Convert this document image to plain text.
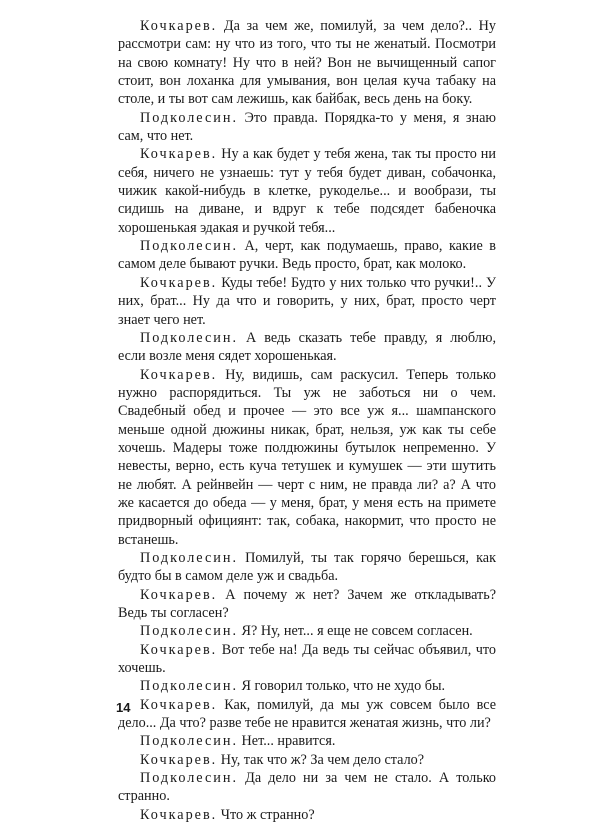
Кочкарев. Да за чем же, помилуй, за чем дело?.. Ну рассмотри сам: ну что из того, что ты не женатый. Посмотри на свою комнату! Ну что в ней? Вон не вычищенный сапог стоит, вон лоханка для умывания, вон целая куча табаку на столе, и ты вот сам лежишь, как байбак, весь день на боку.

Подколесин. Это правда. Порядка-то у меня, я знаю сам, что нет.

Кочкарев. Ну а как будет у тебя жена, так ты просто ни себя, ничего не узнаешь: тут у тебя будет диван, собачонка, чижик какой-нибудь в клетке, рукоделье... и вообрази, ты сидишь на диване, и вдруг к тебе подсядет бабеночка хорошенькая эдакая и ручкой тебя...

Подколесин. А, черт, как подумаешь, право, какие в самом деле бывают ручки. Ведь просто, брат, как молоко.

Кочкарев. Куды тебе! Будто у них только что ручки!.. У них, брат... Ну да что и говорить, у них, брат, просто черт знает чего нет.

Подколесин. А ведь сказать тебе правду, я люблю, если возле меня сядет хорошенькая.

Кочкарев. Ну, видишь, сам раскусил. Теперь только нужно распорядиться. Ты уж не заботься ни о чем. Свадебный обед и прочее — это все уж я... шампанского меньше одной дюжины никак, брат, нельзя, уж как ты себе хочешь. Мадеры тоже полдюжины бутылок непременно. У невесты, верно, есть куча тетушек и кумушек — эти шутить не любят. А рейнвейн — черт с ним, не правда ли? а? А что же касается до обеда — у меня, брат, у меня есть на примете придворный официянт: так, собака, накормит, что просто не встанешь.

Подколесин. Помилуй, ты так горячо берешься, как будто бы в самом деле уж и свадьба.

Кочкарев. А почему ж нет? Зачем же откладывать? Ведь ты согласен?

Подколесин. Я? Ну, нет... я еще не совсем согласен.

Кочкарев. Вот тебе на! Да ведь ты сейчас объявил, что хочешь.

Подколесин. Я говорил только, что не худо бы.

Кочкарев. Как, помилуй, да мы уж совсем было все дело... Да что? разве тебе не нравится женатая жизнь, что ли?

Подколесин. Нет... нравится.

Кочкарев. Ну, так что ж? За чем дело стало?

Подколесин. Да дело ни за чем не стало. А только странно.

Кочкарев. Что ж странно?

14
